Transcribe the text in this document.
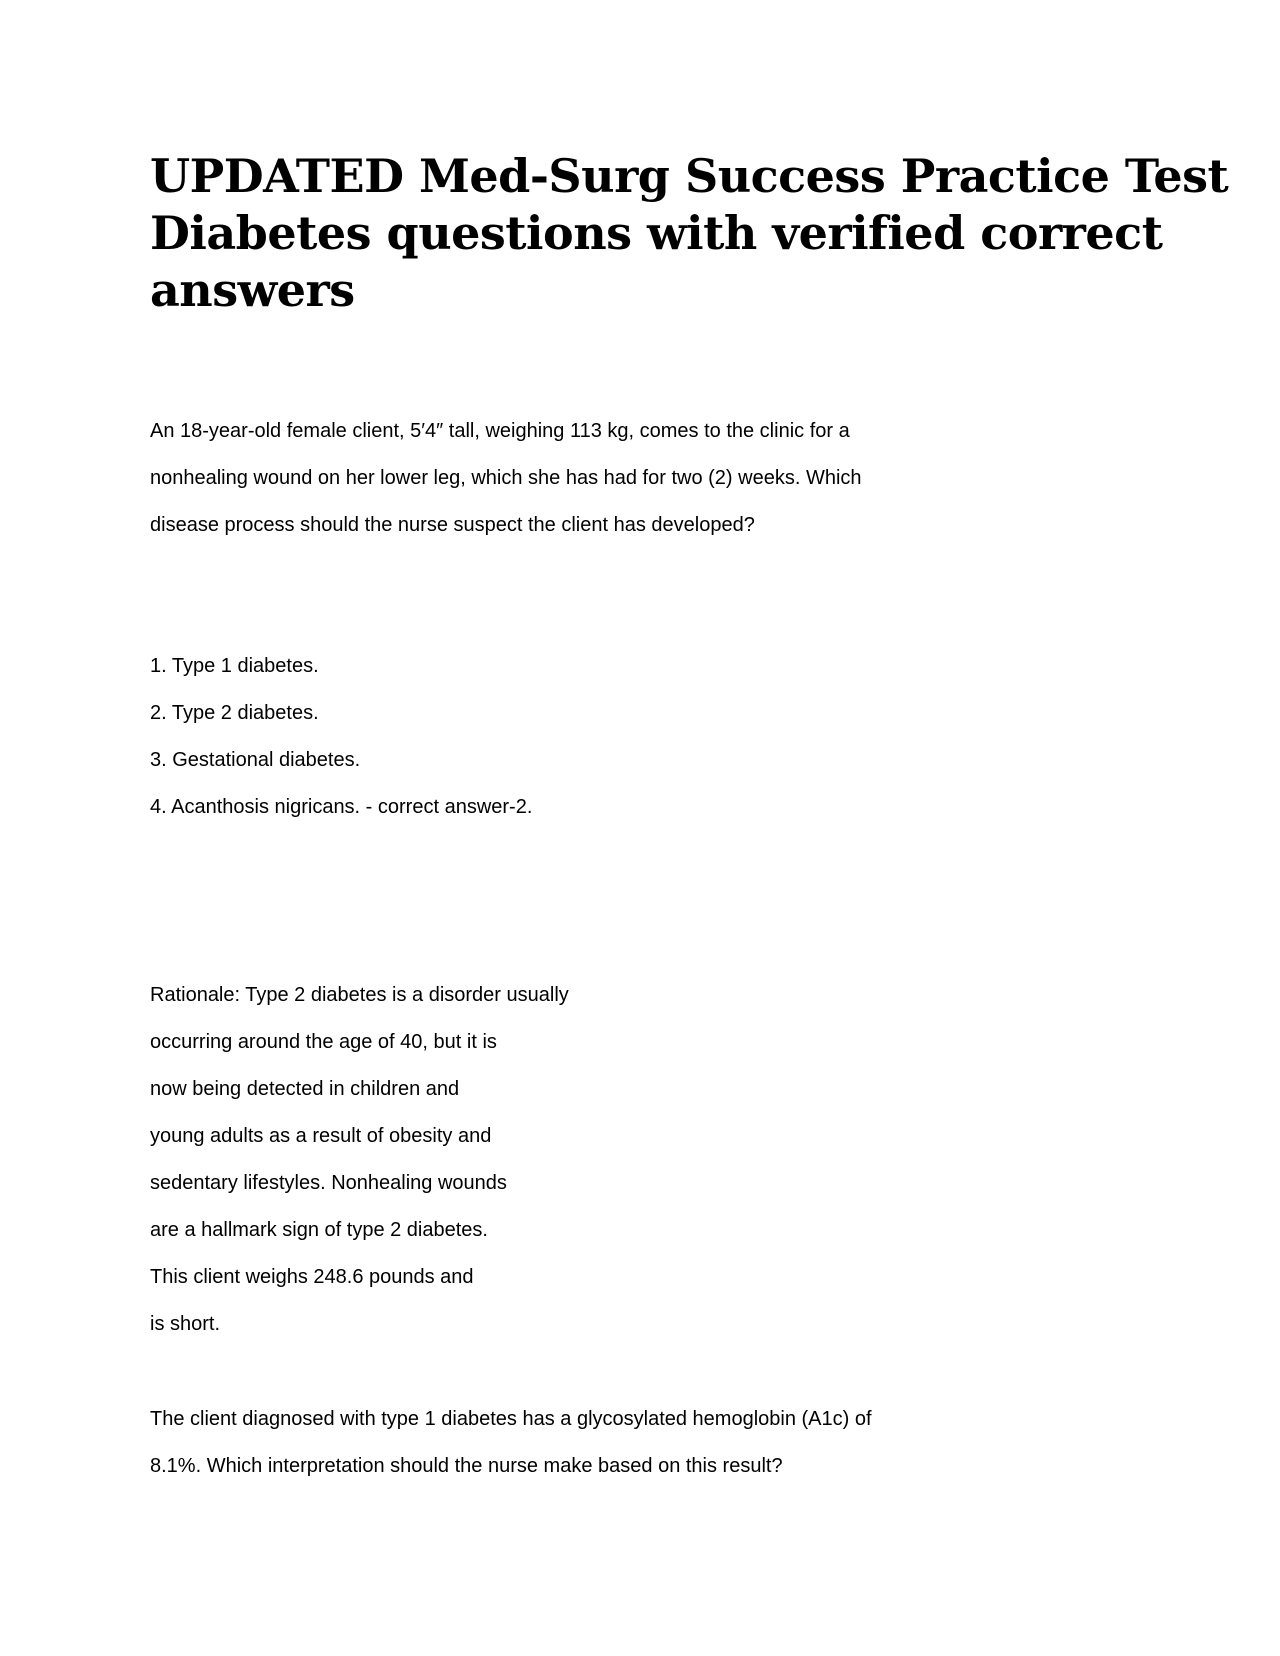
UPDATED Med-Surg Success Practice Test
Diabetes questions with verified correct
answers
An 18-year-old female client, 5′4″ tall, weighing 113 kg, comes to the clinic for a
nonhealing wound on her lower leg, which she has had for two (2) weeks. Which
disease process should the nurse suspect the client has developed?
1. Type 1 diabetes.
2. Type 2 diabetes.
3. Gestational diabetes.
4. Acanthosis nigricans. - correct answer-2.
Rationale: Type 2 diabetes is a disorder usually
occurring around the age of 40, but it is
now being detected in children and
young adults as a result of obesity and
sedentary lifestyles. Nonhealing wounds
are a hallmark sign of type 2 diabetes.
This client weighs 248.6 pounds and
is short.
The client diagnosed with type 1 diabetes has a glycosylated hemoglobin (A1c) of
8.1%. Which interpretation should the nurse make based on this result?
